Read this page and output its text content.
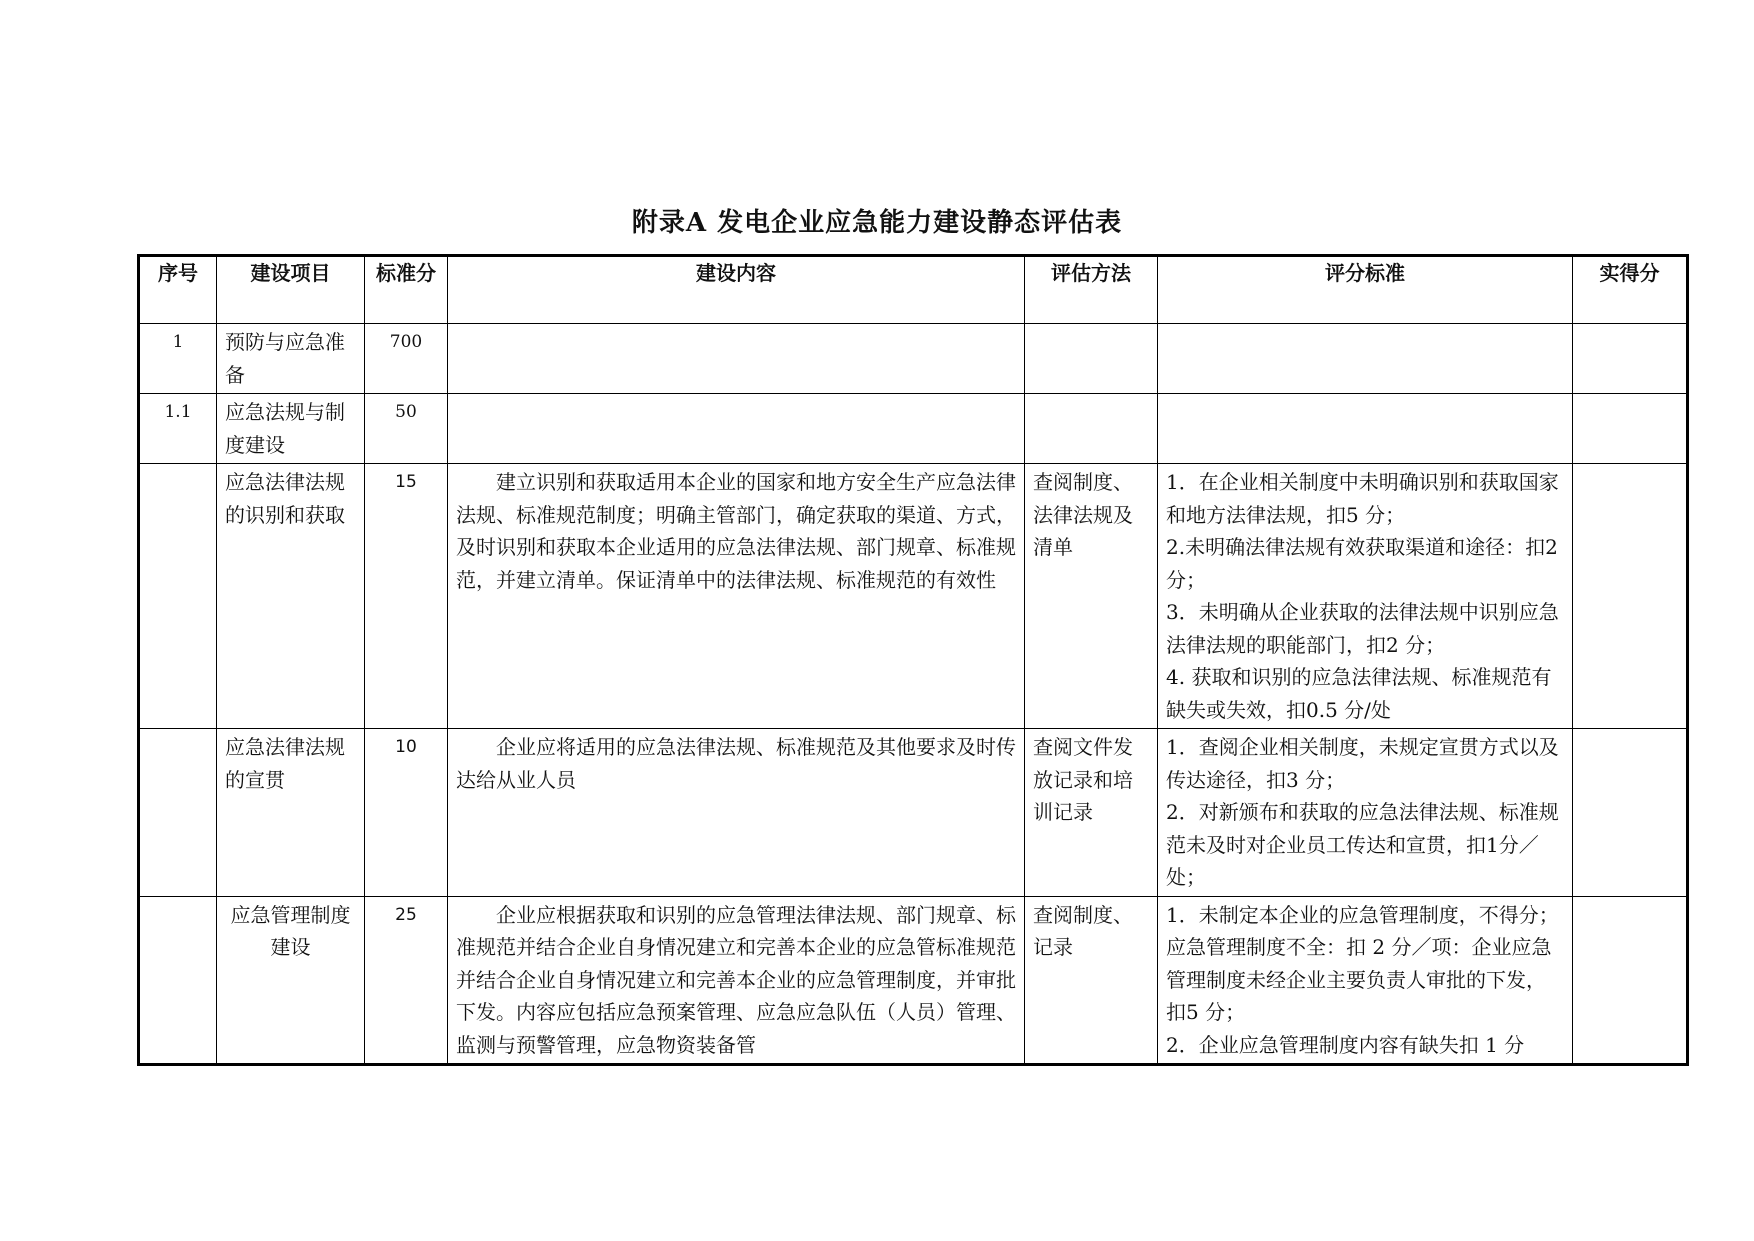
附录A 发电企业应急能力建设静态评估表
序号	建设项目	标准分	建设内容	评估方法	评分标准	实得分
1	预防与应急准备	700				
1.1	应急法规与制度建设	50				
	应急法律法规的识别和获取	15	建立识别和获取适用本企业的国家和地方安全生产应急法律法规、标准规范制度；明确主管部门，确定获取的渠道、方式，及时识别和获取本企业适用的应急法律法规、部门规章、标准规范，并建立清单。保证清单中的法律法规、标准规范的有效性	查阅制度、法律法规及清单	1．在企业相关制度中未明确识别和获取国家和地方法律法规，扣5 分；
2.未明确法律法规有效获取渠道和途径：扣2 分；
3．未明确从企业获取的法律法规中识别应急法律法规的职能部门，扣2 分；
4. 获取和识别的应急法律法规、标准规范有缺失或失效，扣0.5 分/处	

	应急法律法规的宣贯	10	企业应将适用的应急法律法规、标准规范及其他要求及时传达给从业人员	查阅文件发放记录和培训记录	1．查阅企业相关制度，未规定宣贯方式以及传达途径，扣3 分；
2．对新颁布和获取的应急法律法规、标准规范未及时对企业员工传达和宣贯，扣1分／处；	

	应急管理制度建设	25	企业应根据获取和识别的应急管理法律法规、部门规章、标准规范并结合企业自身情况建立和完善本企业的应急管标准规范并结合企业自身情况建立和完善本企业的应急管理制度，并审批下发。内容应包括应急预案管理、应急应急队伍（人员）管理、监测与预警管理，应急物资装备管	查阅制度、记录	1．未制定本企业的应急管理制度，不得分；应急管理制度不全：扣 2 分／项：企业应急管理制度未经企业主要负责人审批的下发，扣5 分；
2．企业应急管理制度内容有缺失扣 1 分	
